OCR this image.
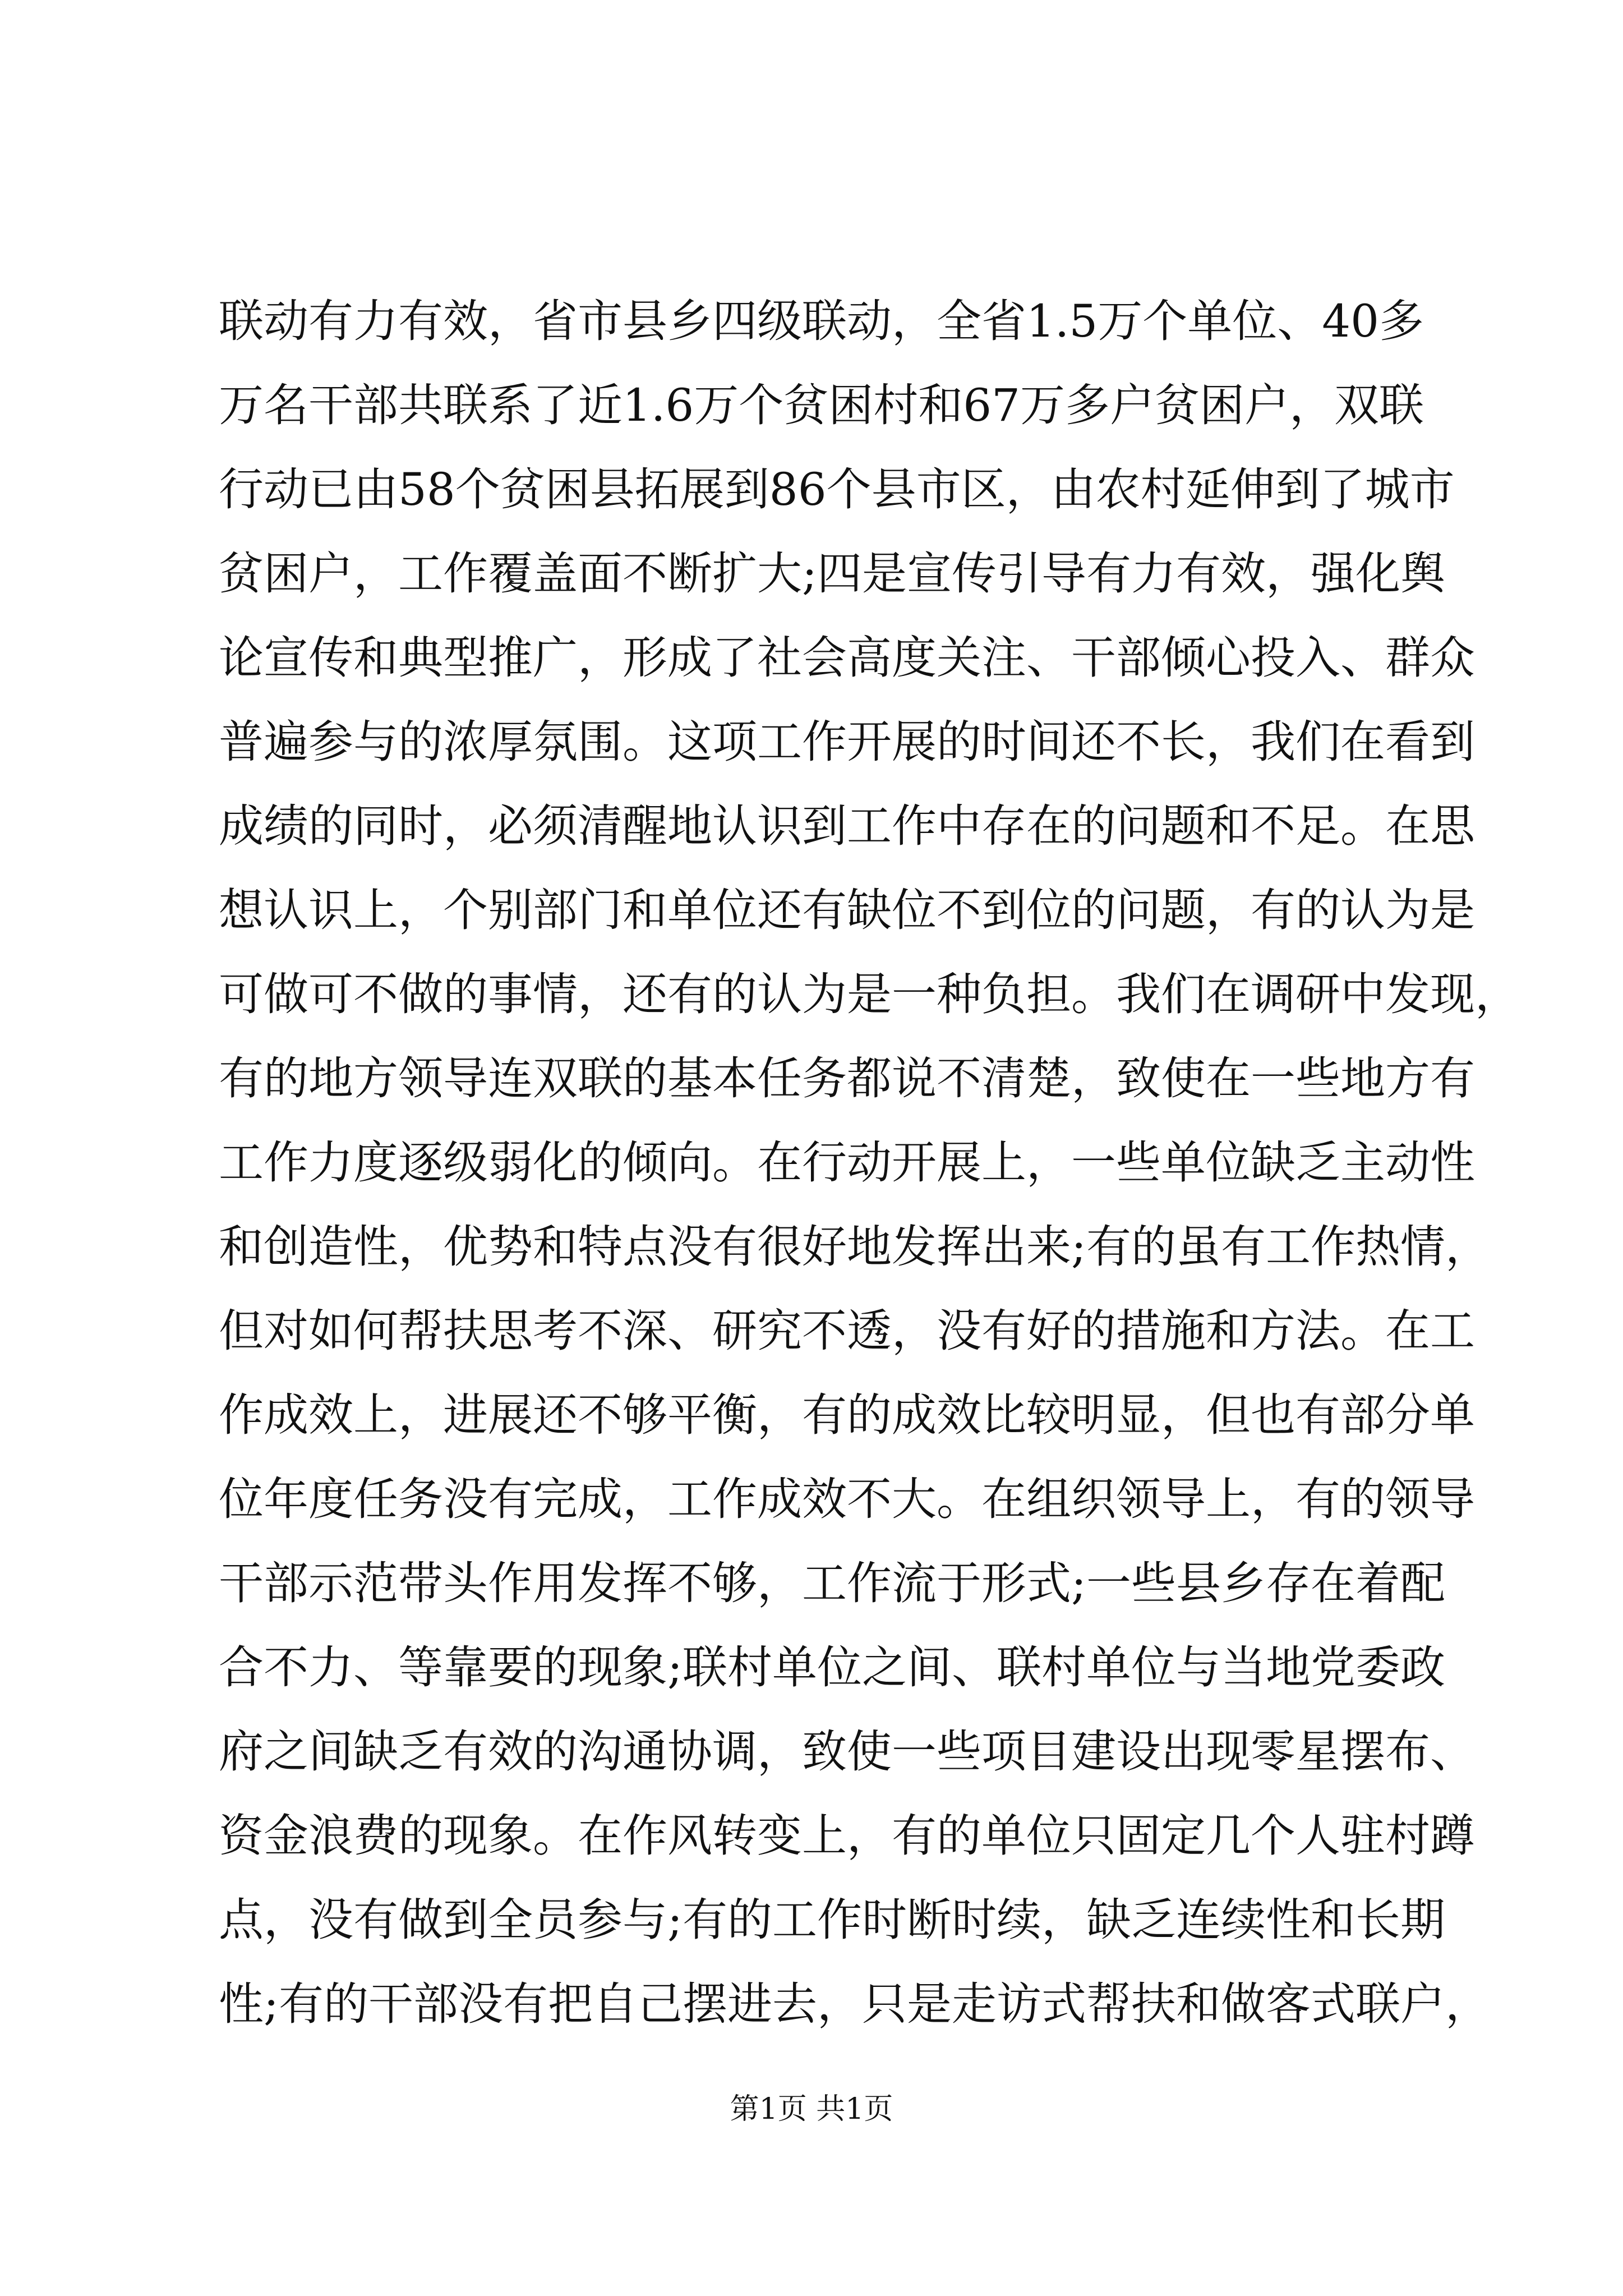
联动有力有效，省市县乡四级联动，全省1.5万个单位、40多
万名干部共联系了近1.6万个贫困村和67万多户贫困户，双联
行动已由58个贫困县拓展到86个县市区，由农村延伸到了城市
贫困户，工作覆盖面不断扩大;四是宣传引导有力有效，强化舆
论宣传和典型推广，形成了社会高度关注、干部倾心投入、群众
普遍参与的浓厚氛围。这项工作开展的时间还不长，我们在看到
成绩的同时，必须清醒地认识到工作中存在的问题和不足。在思
想认识上，个别部门和单位还有缺位不到位的问题，有的认为是
可做可不做的事情，还有的认为是一种负担。我们在调研中发现，
有的地方领导连双联的基本任务都说不清楚，致使在一些地方有
工作力度逐级弱化的倾向。在行动开展上，一些单位缺乏主动性
和创造性，优势和特点没有很好地发挥出来;有的虽有工作热情，
但对如何帮扶思考不深、研究不透，没有好的措施和方法。在工
作成效上，进展还不够平衡，有的成效比较明显，但也有部分单
位年度任务没有完成，工作成效不大。在组织领导上，有的领导
干部示范带头作用发挥不够，工作流于形式;一些县乡存在着配
合不力、等靠要的现象;联村单位之间、联村单位与当地党委政
府之间缺乏有效的沟通协调，致使一些项目建设出现零星摆布、
资金浪费的现象。在作风转变上，有的单位只固定几个人驻村蹲
点，没有做到全员参与;有的工作时断时续，缺乏连续性和长期
性;有的干部没有把自己摆进去，只是走访式帮扶和做客式联户，
第1页 共1页
